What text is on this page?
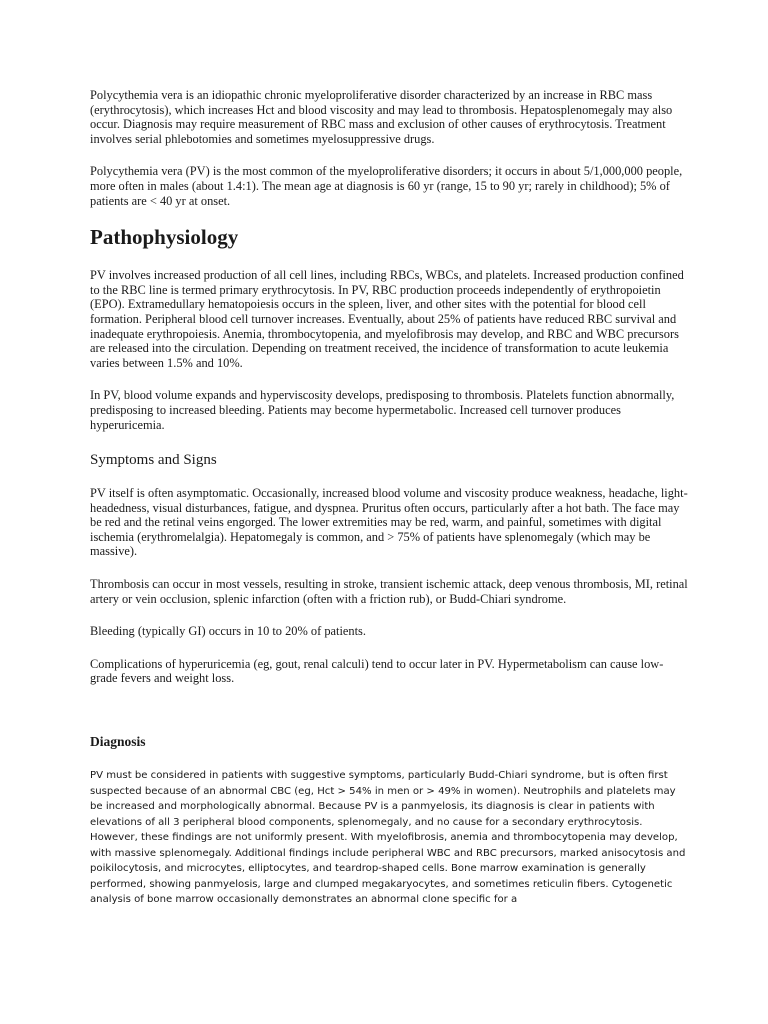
Polycythemia vera is an idiopathic chronic myeloproliferative disorder characterized by an increase in RBC mass (erythrocytosis), which increases Hct and blood viscosity and may lead to thrombosis. Hepatosplenomegaly may also occur. Diagnosis may require measurement of RBC mass and exclusion of other causes of erythrocytosis. Treatment involves serial phlebotomies and sometimes myelosuppressive drugs.

Polycythemia vera (PV) is the most common of the myeloproliferative disorders; it occurs in about 5/1,000,000 people, more often in males (about 1.4:1). The mean age at diagnosis is 60 yr (range, 15 to 90 yr; rarely in childhood); 5% of patients are < 40 yr at onset.

Pathophysiology

PV involves increased production of all cell lines, including RBCs, WBCs, and platelets. Increased production confined to the RBC line is termed primary erythrocytosis. In PV, RBC production proceeds independently of erythropoietin (EPO). Extramedullary hematopoiesis occurs in the spleen, liver, and other sites with the potential for blood cell formation. Peripheral blood cell turnover increases. Eventually, about 25% of patients have reduced RBC survival and inadequate erythropoiesis. Anemia, thrombocytopenia, and myelofibrosis may develop, and RBC and WBC precursors are released into the circulation. Depending on treatment received, the incidence of transformation to acute leukemia varies between 1.5% and 10%.

In PV, blood volume expands and hyperviscosity develops, predisposing to thrombosis. Platelets function abnormally, predisposing to increased bleeding. Patients may become hypermetabolic. Increased cell turnover produces hyperuricemia.

Symptoms and Signs

PV itself is often asymptomatic. Occasionally, increased blood volume and viscosity produce weakness, headache, light-headedness, visual disturbances, fatigue, and dyspnea. Pruritus often occurs, particularly after a hot bath. The face may be red and the retinal veins engorged. The lower extremities may be red, warm, and painful, sometimes with digital ischemia (erythromelalgia). Hepatomegaly is common, and > 75% of patients have splenomegaly (which may be massive).

Thrombosis can occur in most vessels, resulting in stroke, transient ischemic attack, deep venous thrombosis, MI, retinal artery or vein occlusion, splenic infarction (often with a friction rub), or Budd-Chiari syndrome.

Bleeding (typically GI) occurs in 10 to 20% of patients.

Complications of hyperuricemia (eg, gout, renal calculi) tend to occur later in PV. Hypermetabolism can cause low-grade fevers and weight loss.

Diagnosis

PV must be considered in patients with suggestive symptoms, particularly Budd-Chiari syndrome, but is often first suspected because of an abnormal CBC (eg, Hct > 54% in men or > 49% in women). Neutrophils and platelets may be increased and morphologically abnormal. Because PV is a panmyelosis, its diagnosis is clear in patients with elevations of all 3 peripheral blood components, splenomegaly, and no cause for a secondary erythrocytosis. However, these findings are not uniformly present. With myelofibrosis, anemia and thrombocytopenia may develop, with massive splenomegaly. Additional findings include peripheral WBC and RBC precursors, marked anisocytosis and poikilocytosis, and microcytes, elliptocytes, and teardrop-shaped cells. Bone marrow examination is generally performed, showing panmyelosis, large and clumped megakaryocytes, and sometimes reticulin fibers. Cytogenetic analysis of bone marrow occasionally demonstrates an abnormal clone specific for a
